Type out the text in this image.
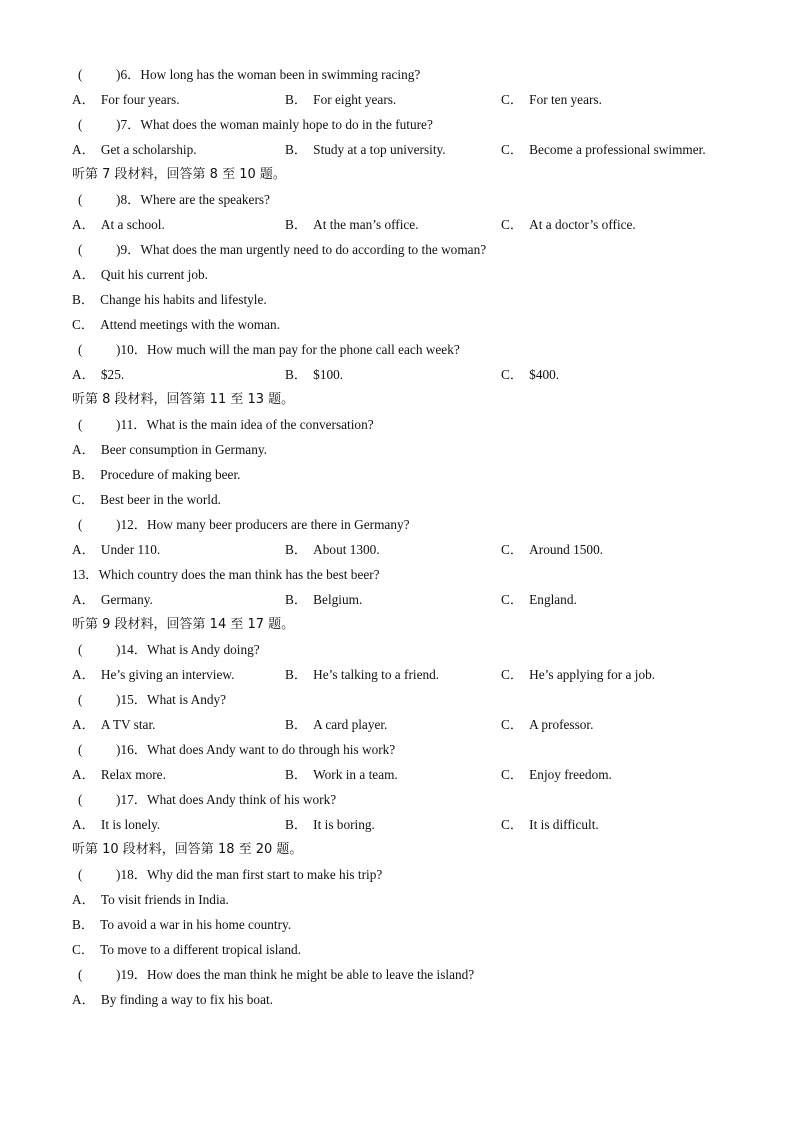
(	)6．How long has the woman been in swimming racing?
A． For four years.	B． For eight years.	C． For ten years.
(	)7．What does the woman mainly hope to do in the future?
A． Get a scholarship.	B． Study at a top university.	C． Become a professional swimmer.
听第 7 段材料，回答第 8 至 10 题。
(	)8．Where are the speakers?
A． At a school.	B． At the man’s office.	C． At a doctor’s office.
(	)9．What does the man urgently need to do according to the woman?
A． Quit his current job.
B． Change his habits and lifestyle.
C． Attend meetings with the woman.
(	)10．How much will the man pay for the phone call each week?
A． $25.	B． $100.	C． $400.
听第 8 段材料，回答第 11 至 13 题。
(	)11．What is the main idea of the conversation?
A． Beer consumption in Germany.
B． Procedure of making beer.
C． Best beer in the world.
(	)12．How many beer producers are there in Germany?
A． Under 110.	B． About 1300.	C． Around 1500.
13．Which country does the man think has the best beer?
A． Germany.	B． Belgium.	C． England.
听第 9 段材料，回答第 14 至 17 题。
(	)14．What is Andy doing?
A． He’s giving an interview.	B． He’s talking to a friend.	C． He’s applying for a job.
(	)15．What is Andy?
A． A TV star.	B． A card player.	C． A professor.
(	)16．What does Andy want to do through his work?
A． Relax more.	B． Work in a team.	C． Enjoy freedom.
(	)17．What does Andy think of his work?
A． It is lonely.	B． It is boring.	C． It is difficult.
听第 10 段材料，回答第 18 至 20 题。
(	)18．Why did the man first start to make his trip?
A． To visit friends in India.
B． To avoid a war in his home country.
C． To move to a different tropical island.
(	)19．How does the man think he might be able to leave the island?
A． By finding a way to fix his boat.
